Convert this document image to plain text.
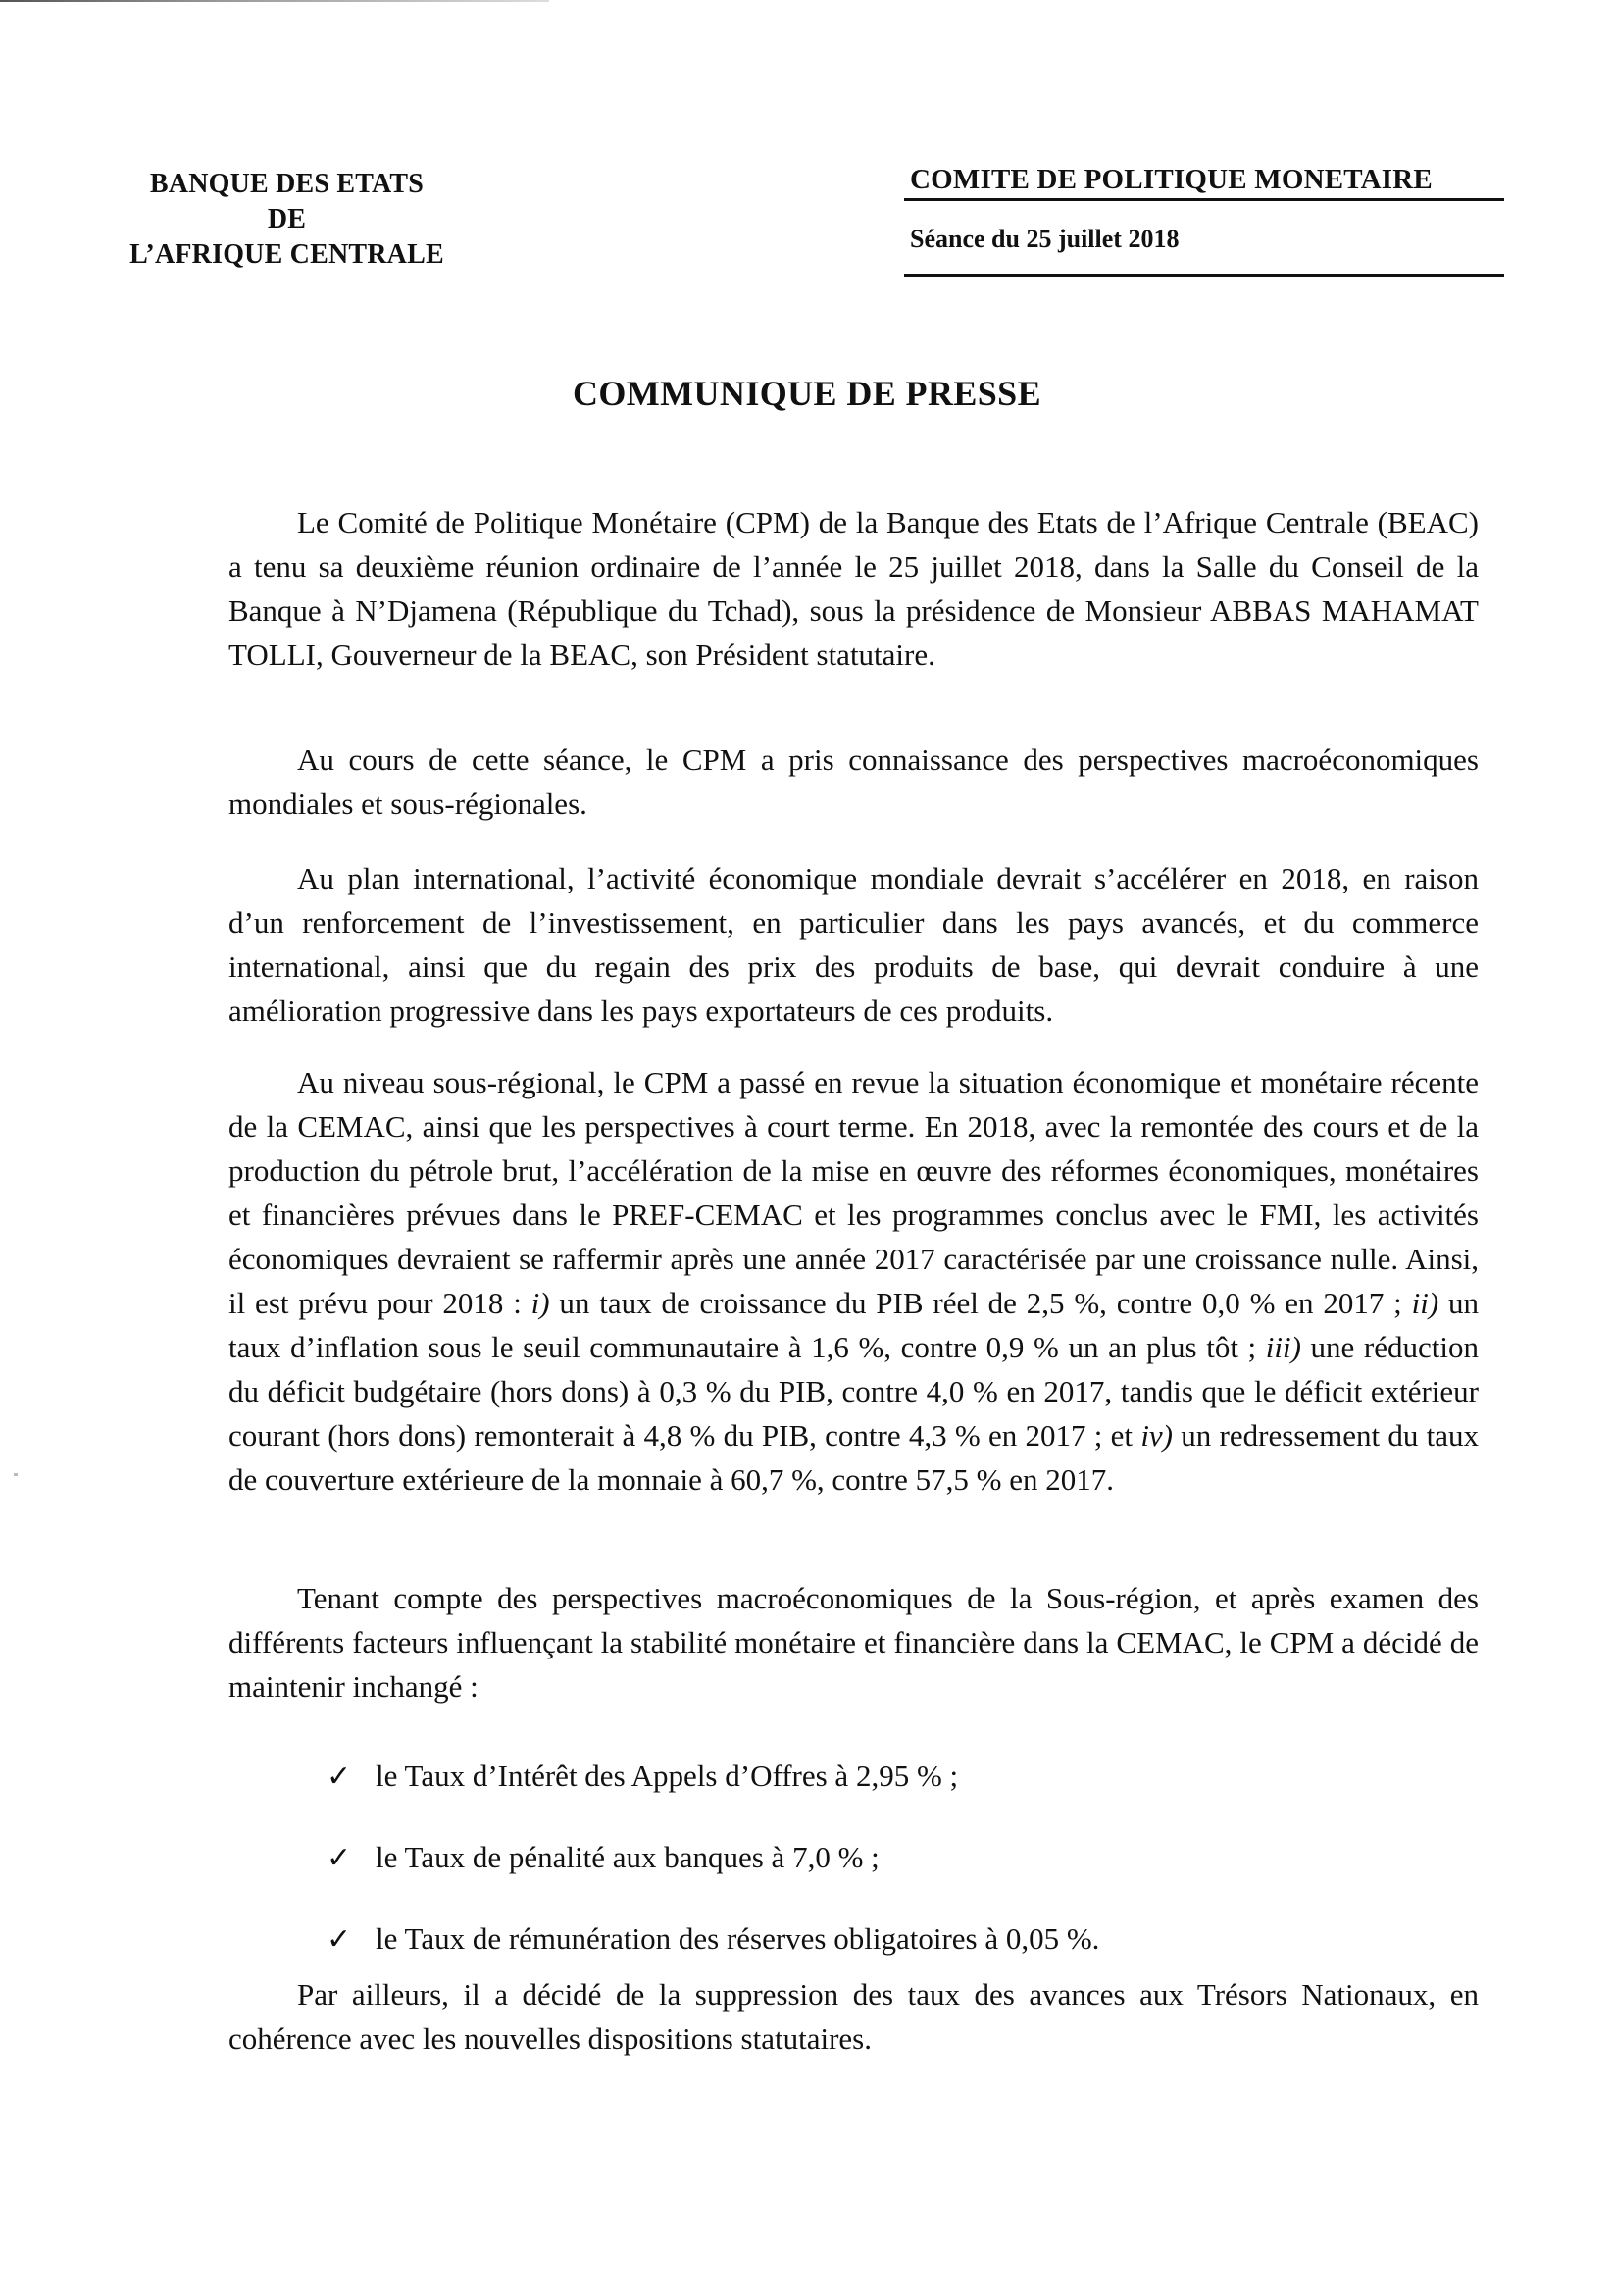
BANQUE DES ETATS
DE
L’AFRIQUE CENTRALE
COMITE DE POLITIQUE MONETAIRE
Séance du 25 juillet 2018
COMMUNIQUE DE PRESSE

Le Comité de Politique Monétaire (CPM) de la Banque des Etats de l’Afrique Centrale (BEAC) a tenu sa deuxième réunion ordinaire de l’année le 25 juillet 2018, dans la Salle du Conseil de la Banque à N’Djamena (République du Tchad), sous la présidence de Monsieur ABBAS MAHAMAT TOLLI, Gouverneur de la BEAC, son Président statutaire.

Au cours de cette séance, le CPM a pris connaissance des perspectives macroéconomiques mondiales et sous-régionales.

Au plan international, l’activité économique mondiale devrait s’accélérer en 2018, en raison d’un renforcement de l’investissement, en particulier dans les pays avancés, et du commerce international, ainsi que du regain des prix des produits de base, qui devrait conduire à une amélioration progressive dans les pays exportateurs de ces produits.

Au niveau sous-régional, le CPM a passé en revue la situation économique et monétaire récente de la CEMAC, ainsi que les perspectives à court terme. En 2018, avec la remontée des cours et de la production du pétrole brut, l’accélération de la mise en œuvre des réformes économiques, monétaires et financières prévues dans le PREF-CEMAC et les programmes conclus avec le FMI, les activités économiques devraient se raffermir après une année 2017 caractérisée par une croissance nulle. Ainsi, il est prévu pour 2018 : i) un taux de croissance du PIB réel de 2,5 %, contre 0,0 % en 2017 ; ii) un taux d’inflation sous le seuil communautaire à 1,6 %, contre 0,9 % un an plus tôt ; iii) une réduction du déficit budgétaire (hors dons) à 0,3 % du PIB, contre 4,0 % en 2017, tandis que le déficit extérieur courant (hors dons) remonterait à 4,8 % du PIB, contre 4,3 % en 2017 ; et iv) un redressement du taux de couverture extérieure de la monnaie à 60,7 %, contre 57,5 % en 2017.

Tenant compte des perspectives macroéconomiques de la Sous-région, et après examen des différents facteurs influençant la stabilité monétaire et financière dans la CEMAC, le CPM a décidé de maintenir inchangé :

✓ le Taux d’Intérêt des Appels d’Offres à 2,95 % ;
✓ le Taux de pénalité aux banques à 7,0 % ;
✓ le Taux de rémunération des réserves obligatoires à 0,05 %.

Par ailleurs, il a décidé de la suppression des taux des avances aux Trésors Nationaux, en cohérence avec les nouvelles dispositions statutaires.
